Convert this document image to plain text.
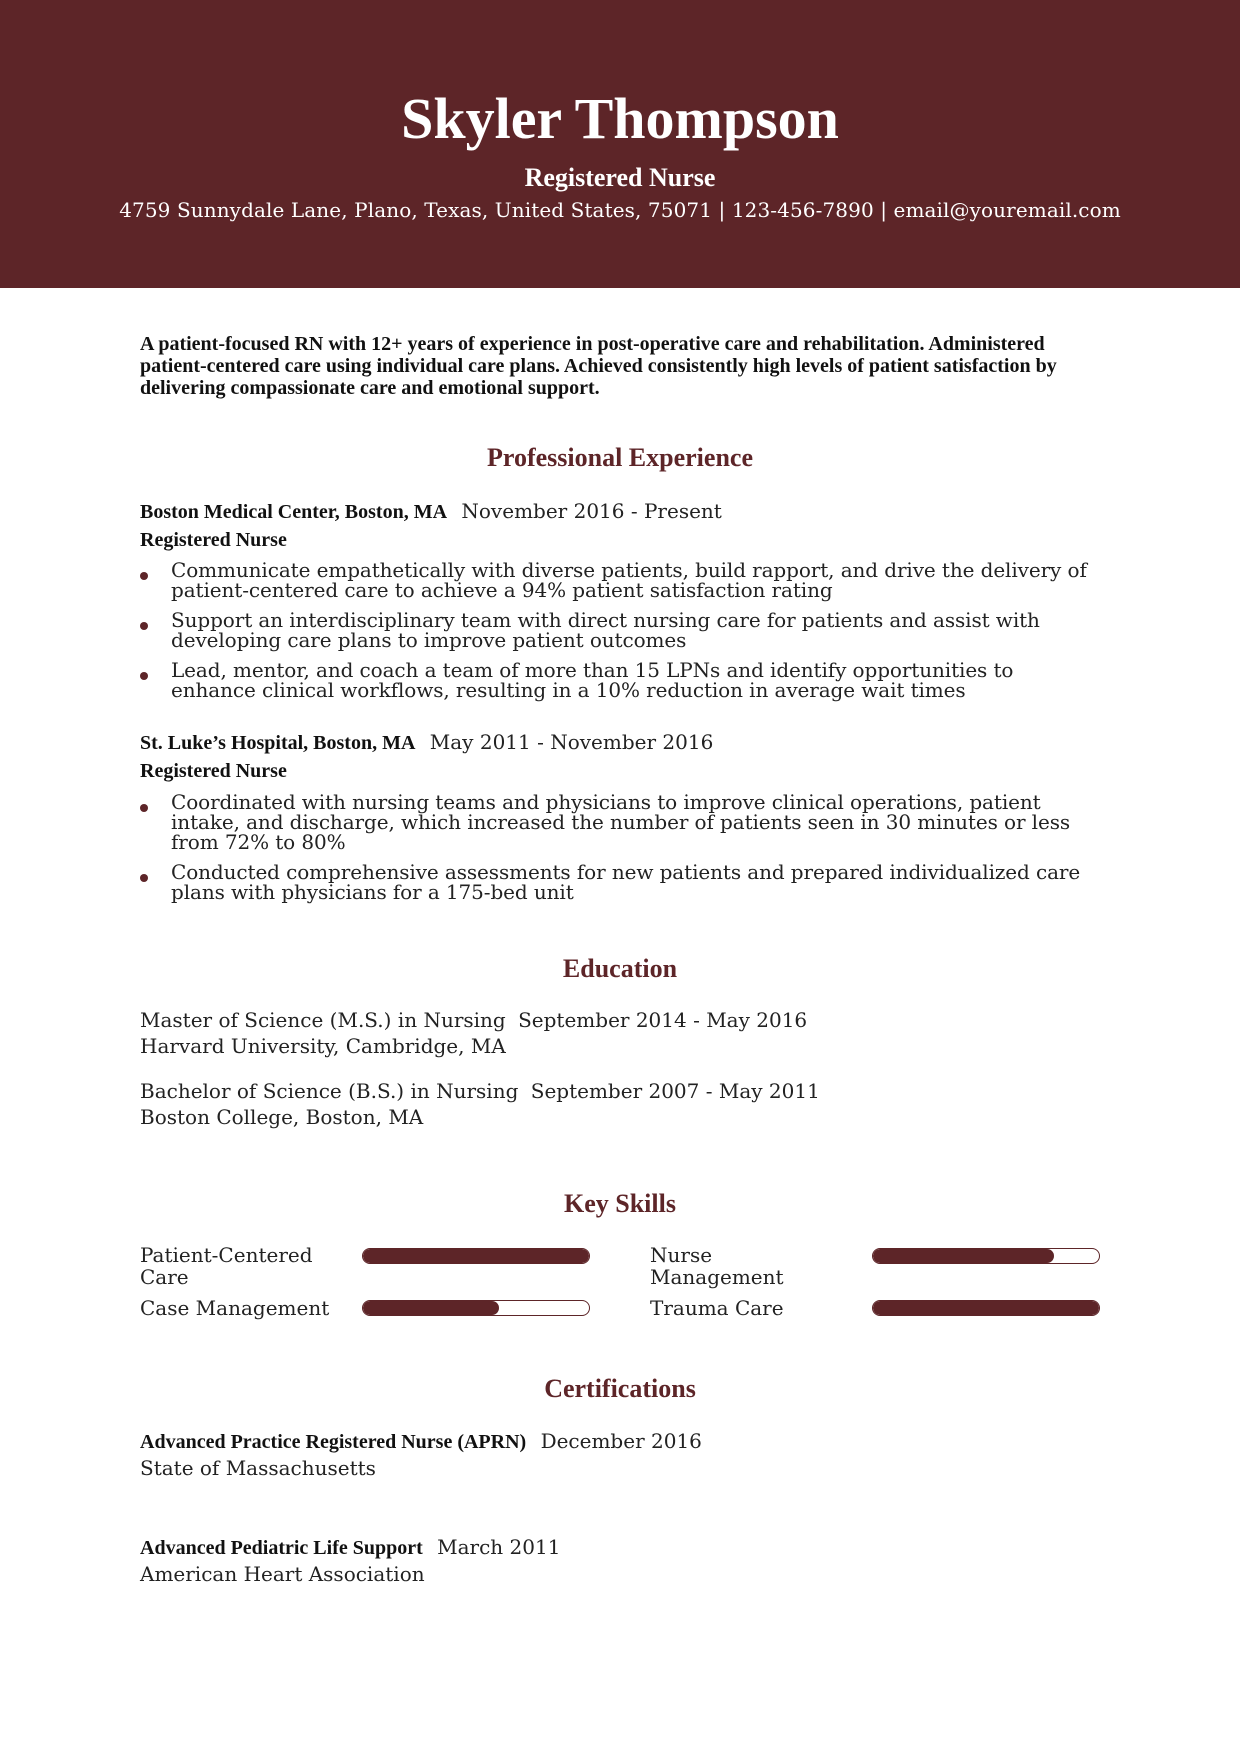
Skyler Thompson
Registered Nurse
4759 Sunnydale Lane, Plano, Texas, United States, 75071 | 123-456-7890 | email@youremail.com
A patient-focused RN with 12+ years of experience in post-operative care and rehabilitation. Administered patient-centered care using individual care plans. Achieved consistently high levels of patient satisfaction by delivering compassionate care and emotional support.
Professional Experience
Boston Medical Center, Boston, MA November 2016 - Present
Registered Nurse
Communicate empathetically with diverse patients, build rapport, and drive the delivery of patient-centered care to achieve a 94% patient satisfaction rating
Support an interdisciplinary team with direct nursing care for patients and assist with developing care plans to improve patient outcomes
Lead, mentor, and coach a team of more than 15 LPNs and identify opportunities to enhance clinical workflows, resulting in a 10% reduction in average wait times
St. Luke’s Hospital, Boston, MA May 2011 - November 2016
Registered Nurse
Coordinated with nursing teams and physicians to improve clinical operations, patient intake, and discharge, which increased the number of patients seen in 30 minutes or less from 72% to 80%
Conducted comprehensive assessments for new patients and prepared individualized care plans with physicians for a 175-bed unit
Education
Master of Science (M.S.) in Nursing September 2014 - May 2016
Harvard University, Cambridge, MA
Bachelor of Science (B.S.) in Nursing September 2007 - May 2011
Boston College, Boston, MA
Key Skills
Patient-Centered Care
Nurse Management
Case Management	Trauma Care
Certifications
Advanced Practice Registered Nurse (APRN) December 2016
State of Massachusetts
Advanced Pediatric Life Support March 2011
American Heart Association
